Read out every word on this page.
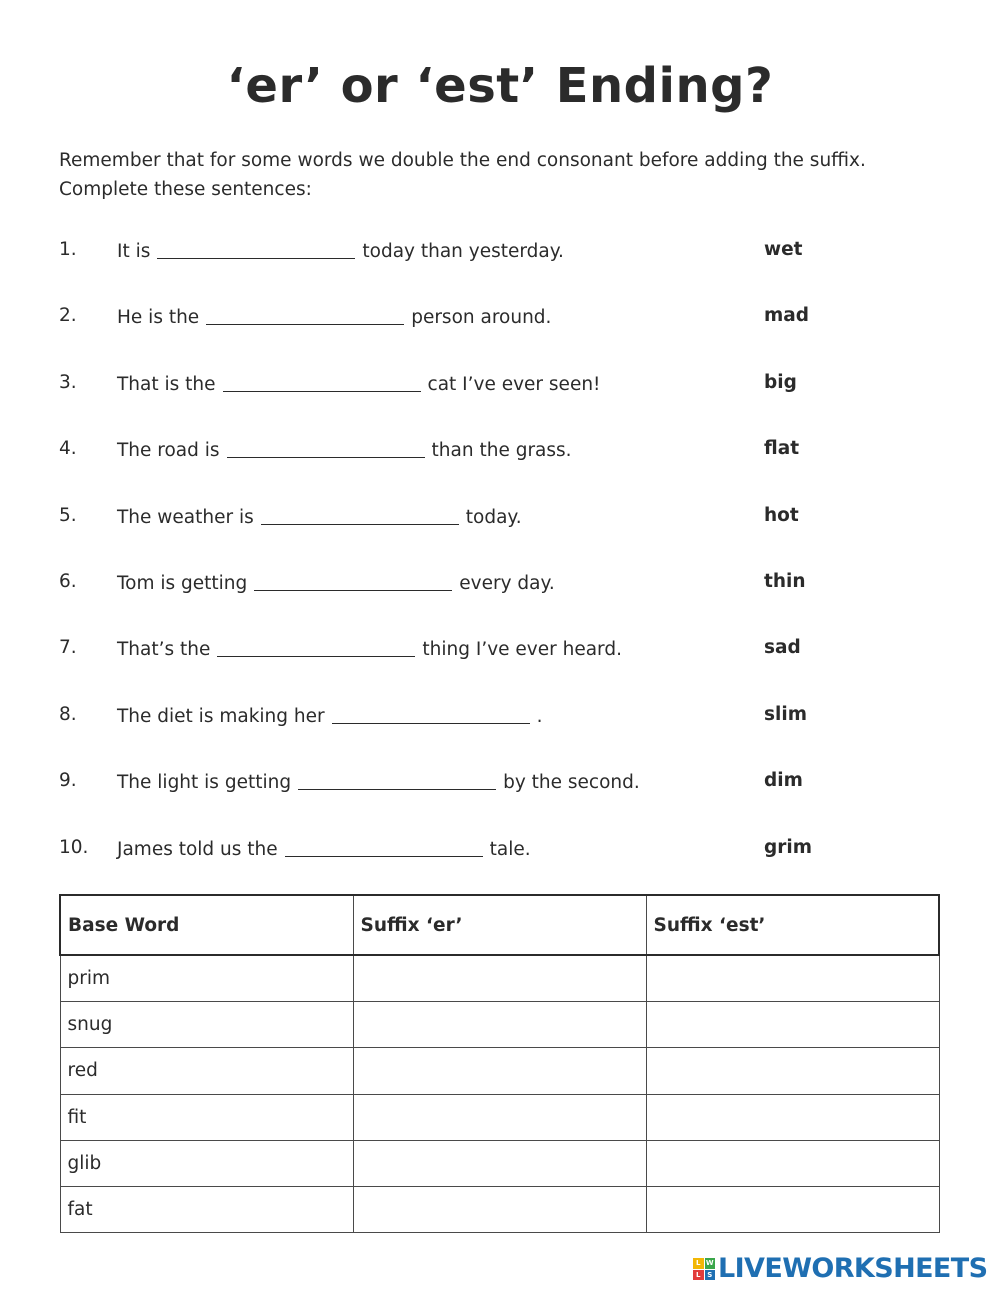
‘er’ or ‘est’ Ending?
Remember that for some words we double the end consonant before adding the suffix.
Complete these sentences:
1. It is	today than yesterday.	wet
2. He is the	person around.	mad
3. That is the	cat I’ve ever seen!	big
4. The road is	than the grass.	flat
5. The weather is	today.	hot
6. Tom is getting	every day.	thin
7. That’s the	thing I’ve ever heard.	sad
8. The diet is making her	.	slim
9. The light is getting	by the second.	dim
10. James told us the	tale.	grim
Base Word	Suffix ‘er’	Suffix ‘est’
prim		
snug		
red		
fit		
glib		
fat		
L W
L S LIVEWORKSHEETS
